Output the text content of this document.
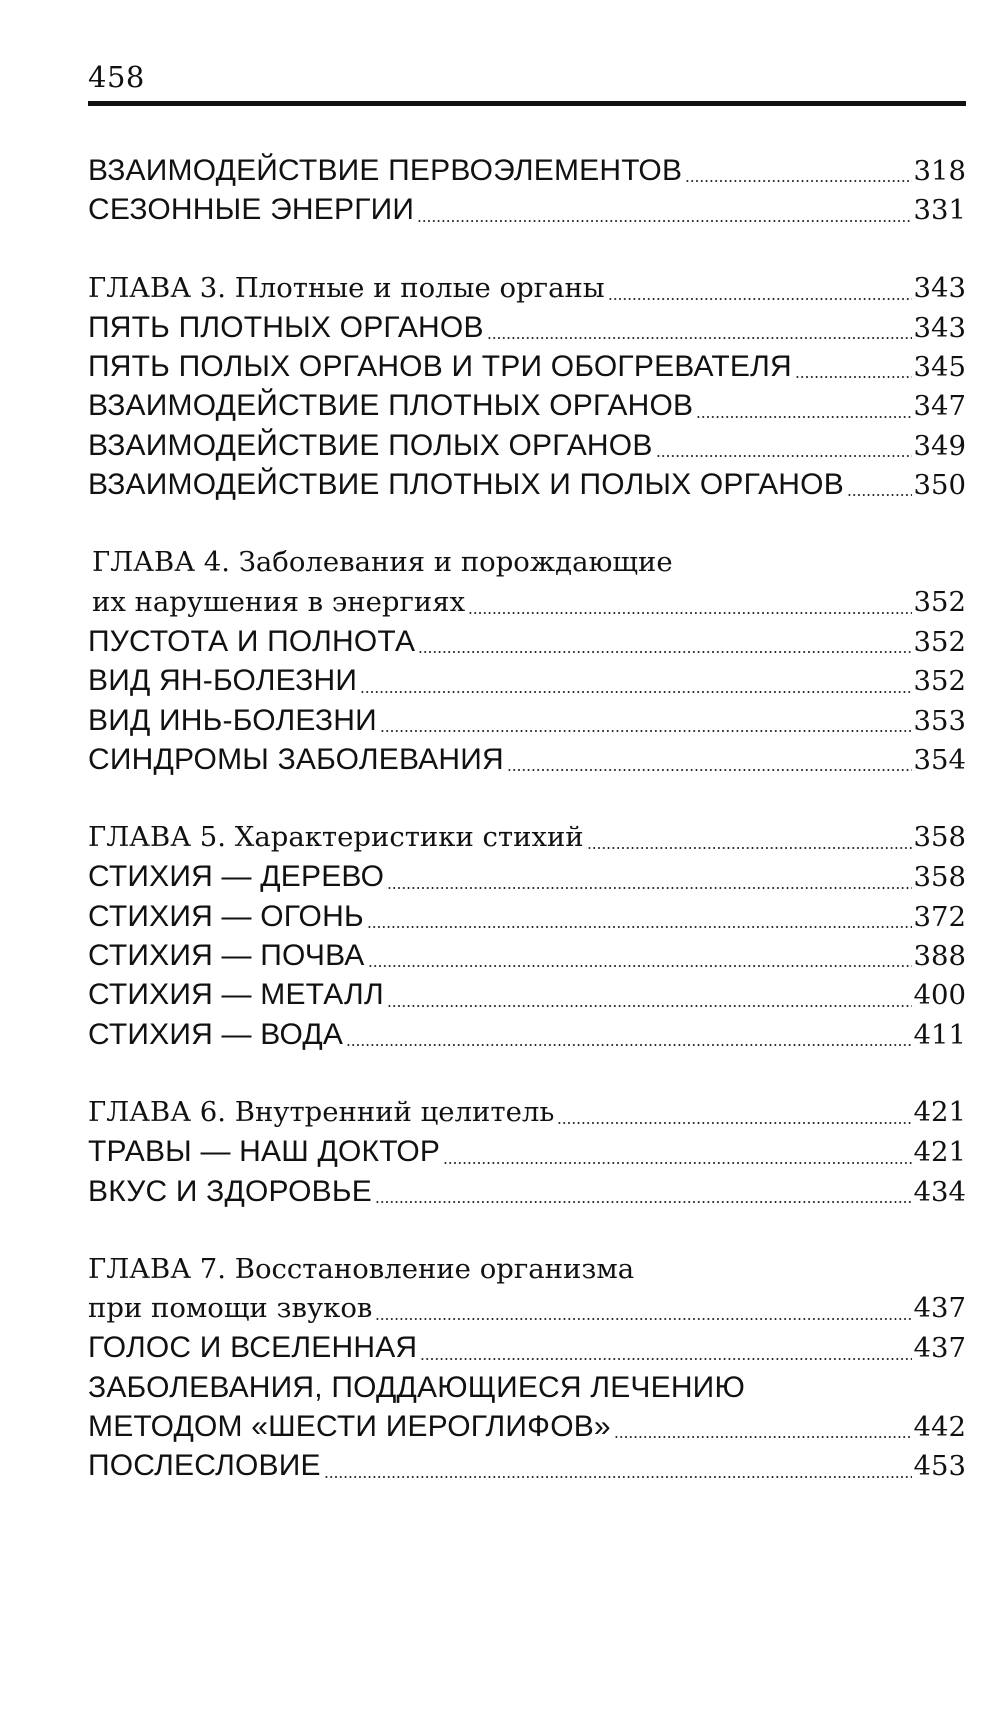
458
ВЗАИМОДЕЙСТВИЕ ПЕРВОЭЛЕМЕНТОВ	318
СЕЗОННЫЕ ЭНЕРГИИ	331
ГЛАВА 3. Плотные и полые органы	343
ПЯТЬ ПЛОТНЫХ ОРГАНОВ	343
ПЯТЬ ПОЛЫХ ОРГАНОВ И ТРИ ОБОГРЕВАТЕЛЯ	345
ВЗАИМОДЕЙСТВИЕ ПЛОТНЫХ ОРГАНОВ	347
ВЗАИМОДЕЙСТВИЕ ПОЛЫХ ОРГАНОВ	349
ВЗАИМОДЕЙСТВИЕ ПЛОТНЫХ И ПОЛЫХ ОРГАНОВ	350
ГЛАВА 4. Заболевания и порождающие
их нарушения в энергиях	352
ПУСТОТА И ПОЛНОТА	352
ВИД ЯН-БОЛЕЗНИ	352
ВИД ИНЬ-БОЛЕЗНИ	353
СИНДРОМЫ ЗАБОЛЕВАНИЯ	354
ГЛАВА 5. Характеристики стихий	358
СТИХИЯ — ДЕРЕВО	358
СТИХИЯ — ОГОНЬ	372
СТИХИЯ — ПОЧВА	388
СТИХИЯ — МЕТАЛЛ	400
СТИХИЯ — ВОДА	411
ГЛАВА 6. Внутренний целитель	421
ТРАВЫ — НАШ ДОКТОР	421
ВКУС И ЗДОРОВЬЕ	434
ГЛАВА 7. Восстановление организма
при помощи звуков	437
ГОЛОС И ВСЕЛЕННАЯ	437
ЗАБОЛЕВАНИЯ, ПОДДАЮЩИЕСЯ ЛЕЧЕНИЮ
МЕТОДОМ «ШЕСТИ ИЕРОГЛИФОВ»	442
ПОСЛЕСЛОВИЕ	453
